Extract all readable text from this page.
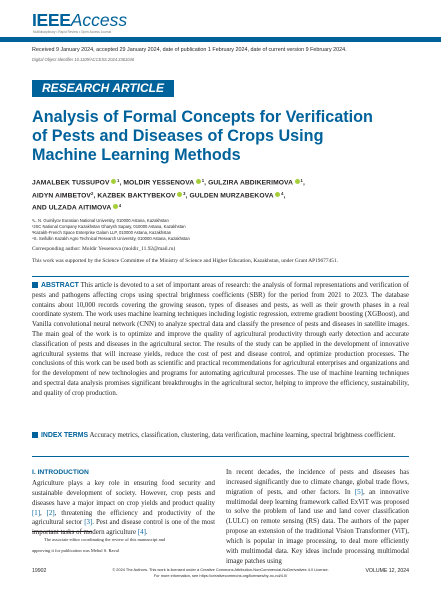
IEEEAccess
Multidisciplinary • Rapid Review • Open Access Journal
Received 9 January 2024, accepted 29 January 2024, date of publication 1 February 2024, date of current version 9 February 2024.
Digital Object Identifier 10.1109/ACCESS.2024.3361046
RESEARCH ARTICLE
Analysis of Formal Concepts for Verification
of Pests and Diseases of Crops Using
Machine Learning Methods
JAMALBEK TUSSUPOV $^1$, MOLDIR YESSENOVA $^1$, GULZIRA ABDIKERIMOVA $^1$,
AIDYN AIMBETOV$^2$, KAZBEK BAKTYBEKOV $^3$, GULDEN MURZABEKOVA $^4$,
AND ULZADA AITIMOVA $^4$
¹L. N. Gumilyov Eurasian National University, 010000 Astana, Kazakhstan
²JSC National Company Kazakhstan Gharysh Sapary, 010000 Astana, Kazakhstan
³Kazakh-French Space Enterprise Galam LLP, 010000 Astana, Kazakhstan
⁴S. Seifullin Kazakh Agro Technical Research University, 010000 Astana, Kazakhstan
Corresponding author: Moldir Yessenova (moldir_11.92@mail.ru)
This work was supported by the Science Committee of the Ministry of Science and Higher Education, Kazakhstan, under Grant AP19677451.
ABSTRACT This article is devoted to a set of important areas of research: the analysis of formal representations and verification of pests and pathogens affecting crops using spectral brightness coefficients (SBR) for the period from 2021 to 2023. The database contains about 10,000 records covering the growing season, types of diseases and pests, as well as their growth phases in a real coordinate system. The work uses machine learning techniques including logistic regression, extreme gradient boosting (XGBoost), and Vanilla convolutional neural network (CNN) to analyze spectral data and classify the presence of pests and diseases in satellite images. The main goal of the work is to optimize and improve the quality of agricultural productivity through early detection and accurate classification of pests and diseases in the agricultural sector. The results of the study can be applied in the development of innovative agricultural systems that will increase yields, reduce the cost of pest and disease control, and optimize production processes. The conclusions of this work can be used both as scientific and practical recommendations for agricultural enterprises and organizations and for the development of new technologies and programs for automating agricultural processes. The use of machine learning techniques and spectral data analysis promises significant breakthroughs in the agricultural sector, helping to improve the efficiency, sustainability, and quality of crop production.
INDEX TERMS Accuracy metrics, classification, clustering, data verification, machine learning, spectral brightness coefficient.
I. INTRODUCTION
Agriculture plays a key role in ensuring food security and sustainable development of society. However, crop pests and diseases have a major impact on crop yields and product quality [1], [2], threatening the efficiency and productivity of the agricultural sector [3]. Pest and disease control is one of the most important tasks of modern agriculture [4].
The associate editor coordinating the review of this manuscript and
approving it for publication was Mehul S. Raval
In recent decades, the incidence of pests and diseases has increased significantly due to climate change, global trade flows, migration of pests, and other factors. In [5], an innovative multimodal deep learning framework called ExViT was proposed to solve the problem of land use and land cover classification (LULC) on remote sensing (RS) data. The authors of the paper propose an extension of the traditional Vision Transformer (ViT), which is popular in image processing, to deal more efficiently with multimodal data. Key ideas include processing multimodal image patches using
19902	© 2024 The Authors. This work is licensed under a Creative Commons Attribution-NonCommercial-NoDerivatives 4.0 License.
For more information, see https://creativecommons.org/licenses/by-nc-nd/4.0/
VOLUME 12, 2024
